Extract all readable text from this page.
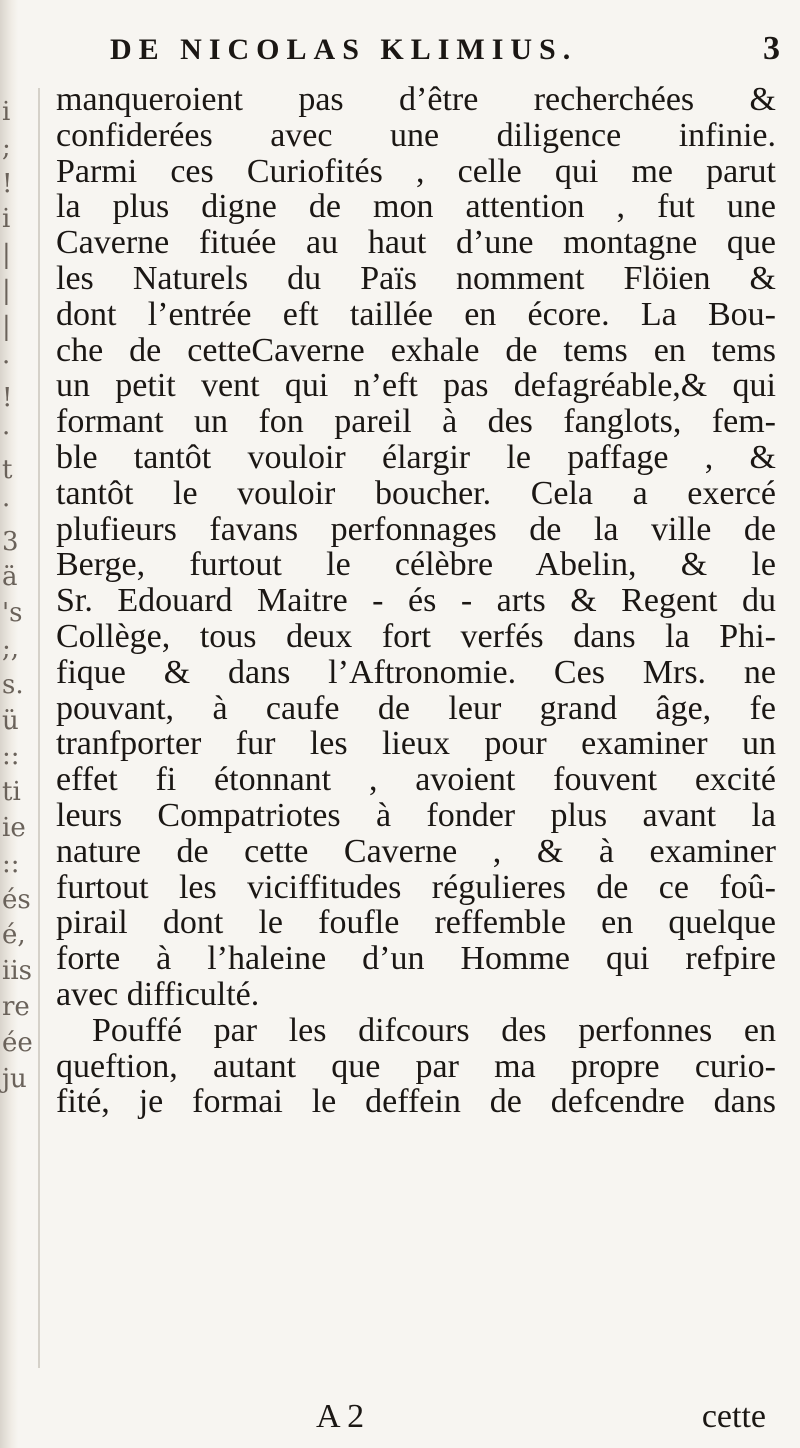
i
;
!
i
|
|
|
·
!
·
t
·
3
ä
's
;,
s.
ü
::
ti
ie
::
és
é,
iis
re
ée
ju
DE NICOLAS KLIMIUS.	3
manqueroient pas d’être recherchées &
confiderées avec une diligence infinie.
Parmi ces Curiofités , celle qui me parut
la plus digne de mon attention , fut une
Caverne fituée au haut d’une montagne que
les Naturels du Païs nomment Flöien &
dont l’entrée eft taillée en écore. La Bou-
che de cetteCaverne exhale de tems en tems
un petit vent qui n’eft pas defagréable,& qui
formant un fon pareil à des fanglots, fem-
ble tantôt vouloir élargir le paffage , &
tantôt le vouloir boucher. Cela a exercé
plufieurs favans perfonnages de la ville de
Berge, furtout le célèbre Abelin, & le
Sr. Edouard Maitre - és - arts & Regent du
Collège, tous deux fort verfés dans la Phi-
fique & dans l’Aftronomie. Ces Mrs. ne
pouvant, à caufe de leur grand âge, fe
tranfporter fur les lieux pour examiner un
effet fi étonnant , avoient fouvent excité
leurs Compatriotes à fonder plus avant la
nature de cette Caverne , & à examiner
furtout les viciffitudes régulieres de ce foû-
pirail dont le foufle reffemble en quelque
forte à l’haleine d’un Homme qui refpire
avec difficulté.
Pouffé par les difcours des perfonnes en
queftion, autant que par ma propre curio-
fité, je formai le deffein de defcendre dans
A 2	cette
